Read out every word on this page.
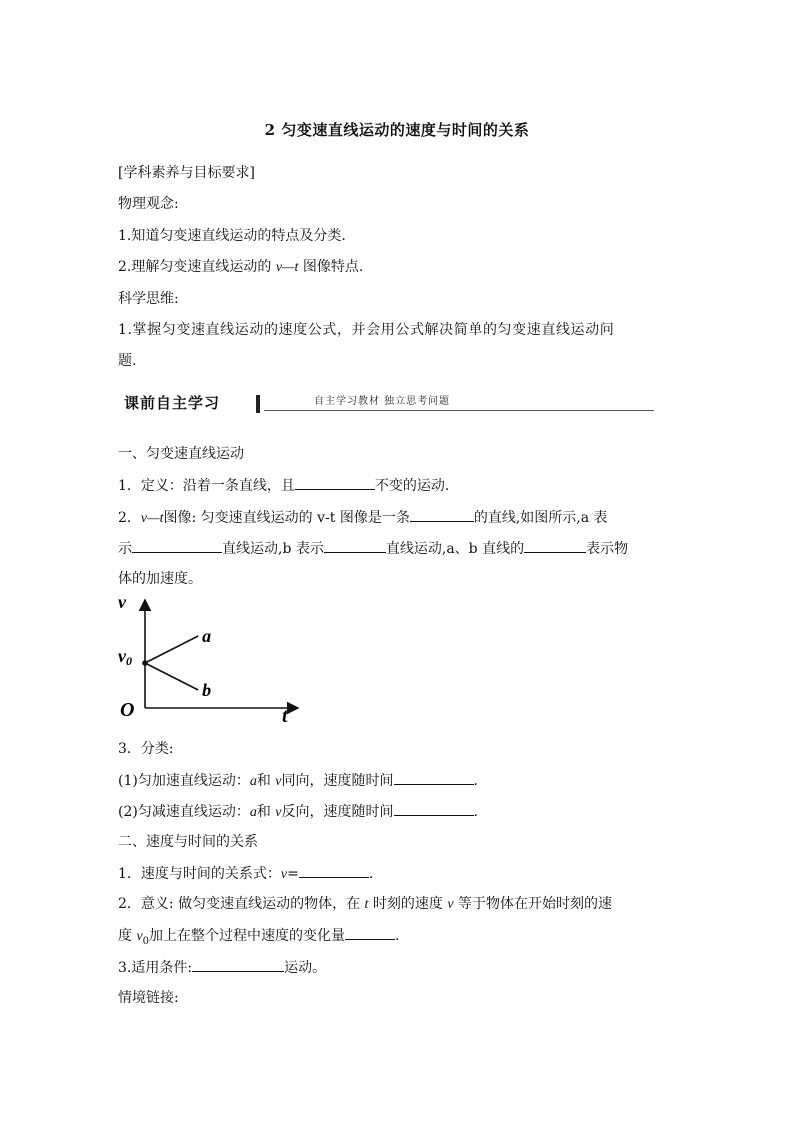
2 匀变速直线运动的速度与时间的关系
[学科素养与目标要求]
物理观念:
1.知道匀变速直线运动的特点及分类.
2.理解匀变速直线运动的 v—t 图像特点.
科学思维:
1.掌握匀变速直线运动的速度公式，并会用公式解决简单的匀变速直线运动问
题.
课前自主学习	自主学习教材 独立思考问题
一、匀变速直线运动
1．定义：沿着一条直线，且	不变的运动.
2．v—t图像: 匀变速直线运动的 v-t 图像是一条	的直线,如图所示,a 表
示	直线运动,b 表示	直线运动,a、b 直线的	表示物
体的加速度。
a
b
v
t
O
v0
3．分类:
(1)匀加速直线运动：a和 v同向，速度随时间	.
(2)匀减速直线运动：a和 v反向，速度随时间	.
二、速度与时间的关系
1．速度与时间的关系式：v=	.
2．意义: 做匀变速直线运动的物体，在 t 时刻的速度 v 等于物体在开始时刻的速
度 $v_0$加上在整个过程中速度的变化量	.
3.适用条件:	运动。
情境链接:
